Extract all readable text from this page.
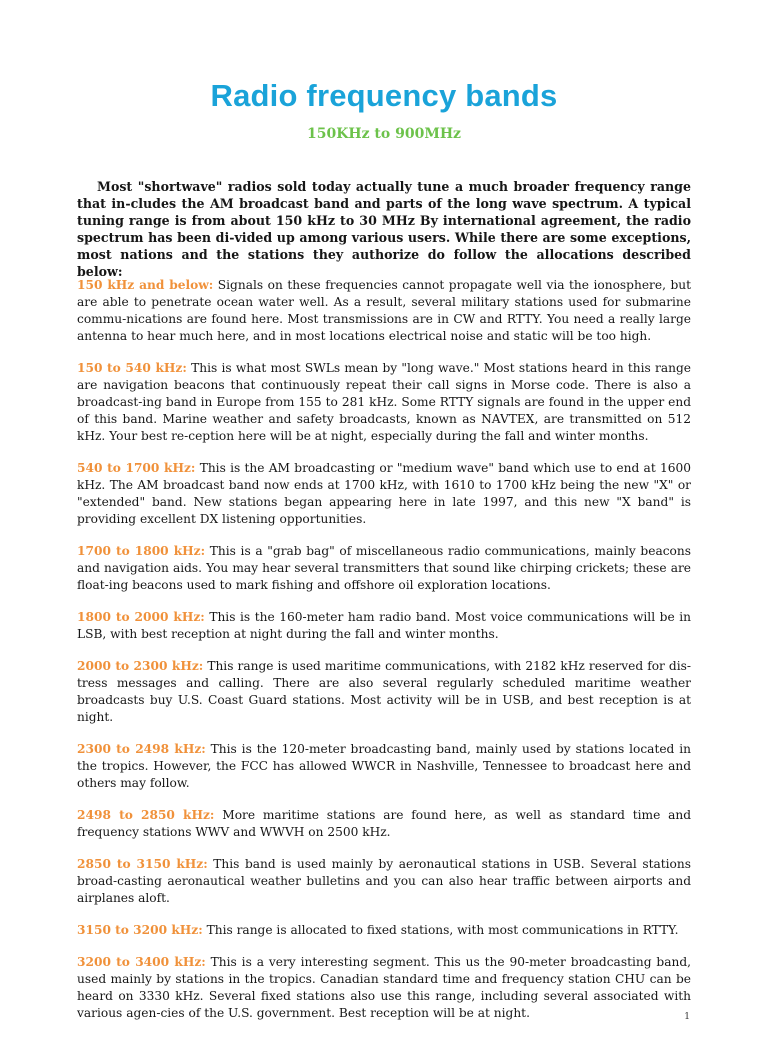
Radio frequency bands
150KHz to 900MHz

Most "shortwave" radios sold today actually tune a much broader frequency range that in-cludes the AM broadcast band and parts of the long wave spectrum. A typical tuning range is from about 150 kHz to 30 MHz By international agreement, the radio spectrum has been di-vided up among various users. While there are some exceptions, most nations and the stations they authorize do follow the allocations described below:

150 kHz and below: Signals on these frequencies cannot propagate well via the ionosphere, but are able to penetrate ocean water well. As a result, several military stations used for submarine commu-nications are found here. Most transmissions are in CW and RTTY. You need a really large antenna to hear much here, and in most locations electrical noise and static will be too high.

150 to 540 kHz: This is what most SWLs mean by "long wave." Most stations heard in this range are navigation beacons that continuously repeat their call signs in Morse code. There is also a broadcast-ing band in Europe from 155 to 281 kHz. Some RTTY signals are found in the upper end of this band. Marine weather and safety broadcasts, known as NAVTEX, are transmitted on 512 kHz. Your best re-ception here will be at night, especially during the fall and winter months.

540 to 1700 kHz: This is the AM broadcasting or "medium wave" band which use to end at 1600 kHz. The AM broadcast band now ends at 1700 kHz, with 1610 to 1700 kHz being the new "X" or "extended" band. New stations began appearing here in late 1997, and this new "X band" is providing excellent DX listening opportunities.

1700 to 1800 kHz: This is a "grab bag" of miscellaneous radio communications, mainly beacons and navigation aids. You may hear several transmitters that sound like chirping crickets; these are float-ing beacons used to mark fishing and offshore oil exploration locations.

1800 to 2000 kHz: This is the 160-meter ham radio band. Most voice communications will be in LSB, with best reception at night during the fall and winter months.

2000 to 2300 kHz: This range is used maritime communications, with 2182 kHz reserved for dis-tress messages and calling. There are also several regularly scheduled maritime weather broadcasts buy U.S. Coast Guard stations. Most activity will be in USB, and best reception is at night.

2300 to 2498 kHz: This is the 120-meter broadcasting band, mainly used by stations located in the tropics. However, the FCC has allowed WWCR in Nashville, Tennessee to broadcast here and others may follow.

2498 to 2850 kHz: More maritime stations are found here, as well as standard time and frequency stations WWV and WWVH on 2500 kHz.

2850 to 3150 kHz: This band is used mainly by aeronautical stations in USB. Several stations broad-casting aeronautical weather bulletins and you can also hear traffic between airports and airplanes aloft.

3150 to 3200 kHz: This range is allocated to fixed stations, with most communications in RTTY.

3200 to 3400 kHz: This is a very interesting segment. This us the 90-meter broadcasting band, used mainly by stations in the tropics. Canadian standard time and frequency station CHU can be heard on 3330 kHz. Several fixed stations also use this range, including several associated with various agen-cies of the U.S. government. Best reception will be at night.	1
